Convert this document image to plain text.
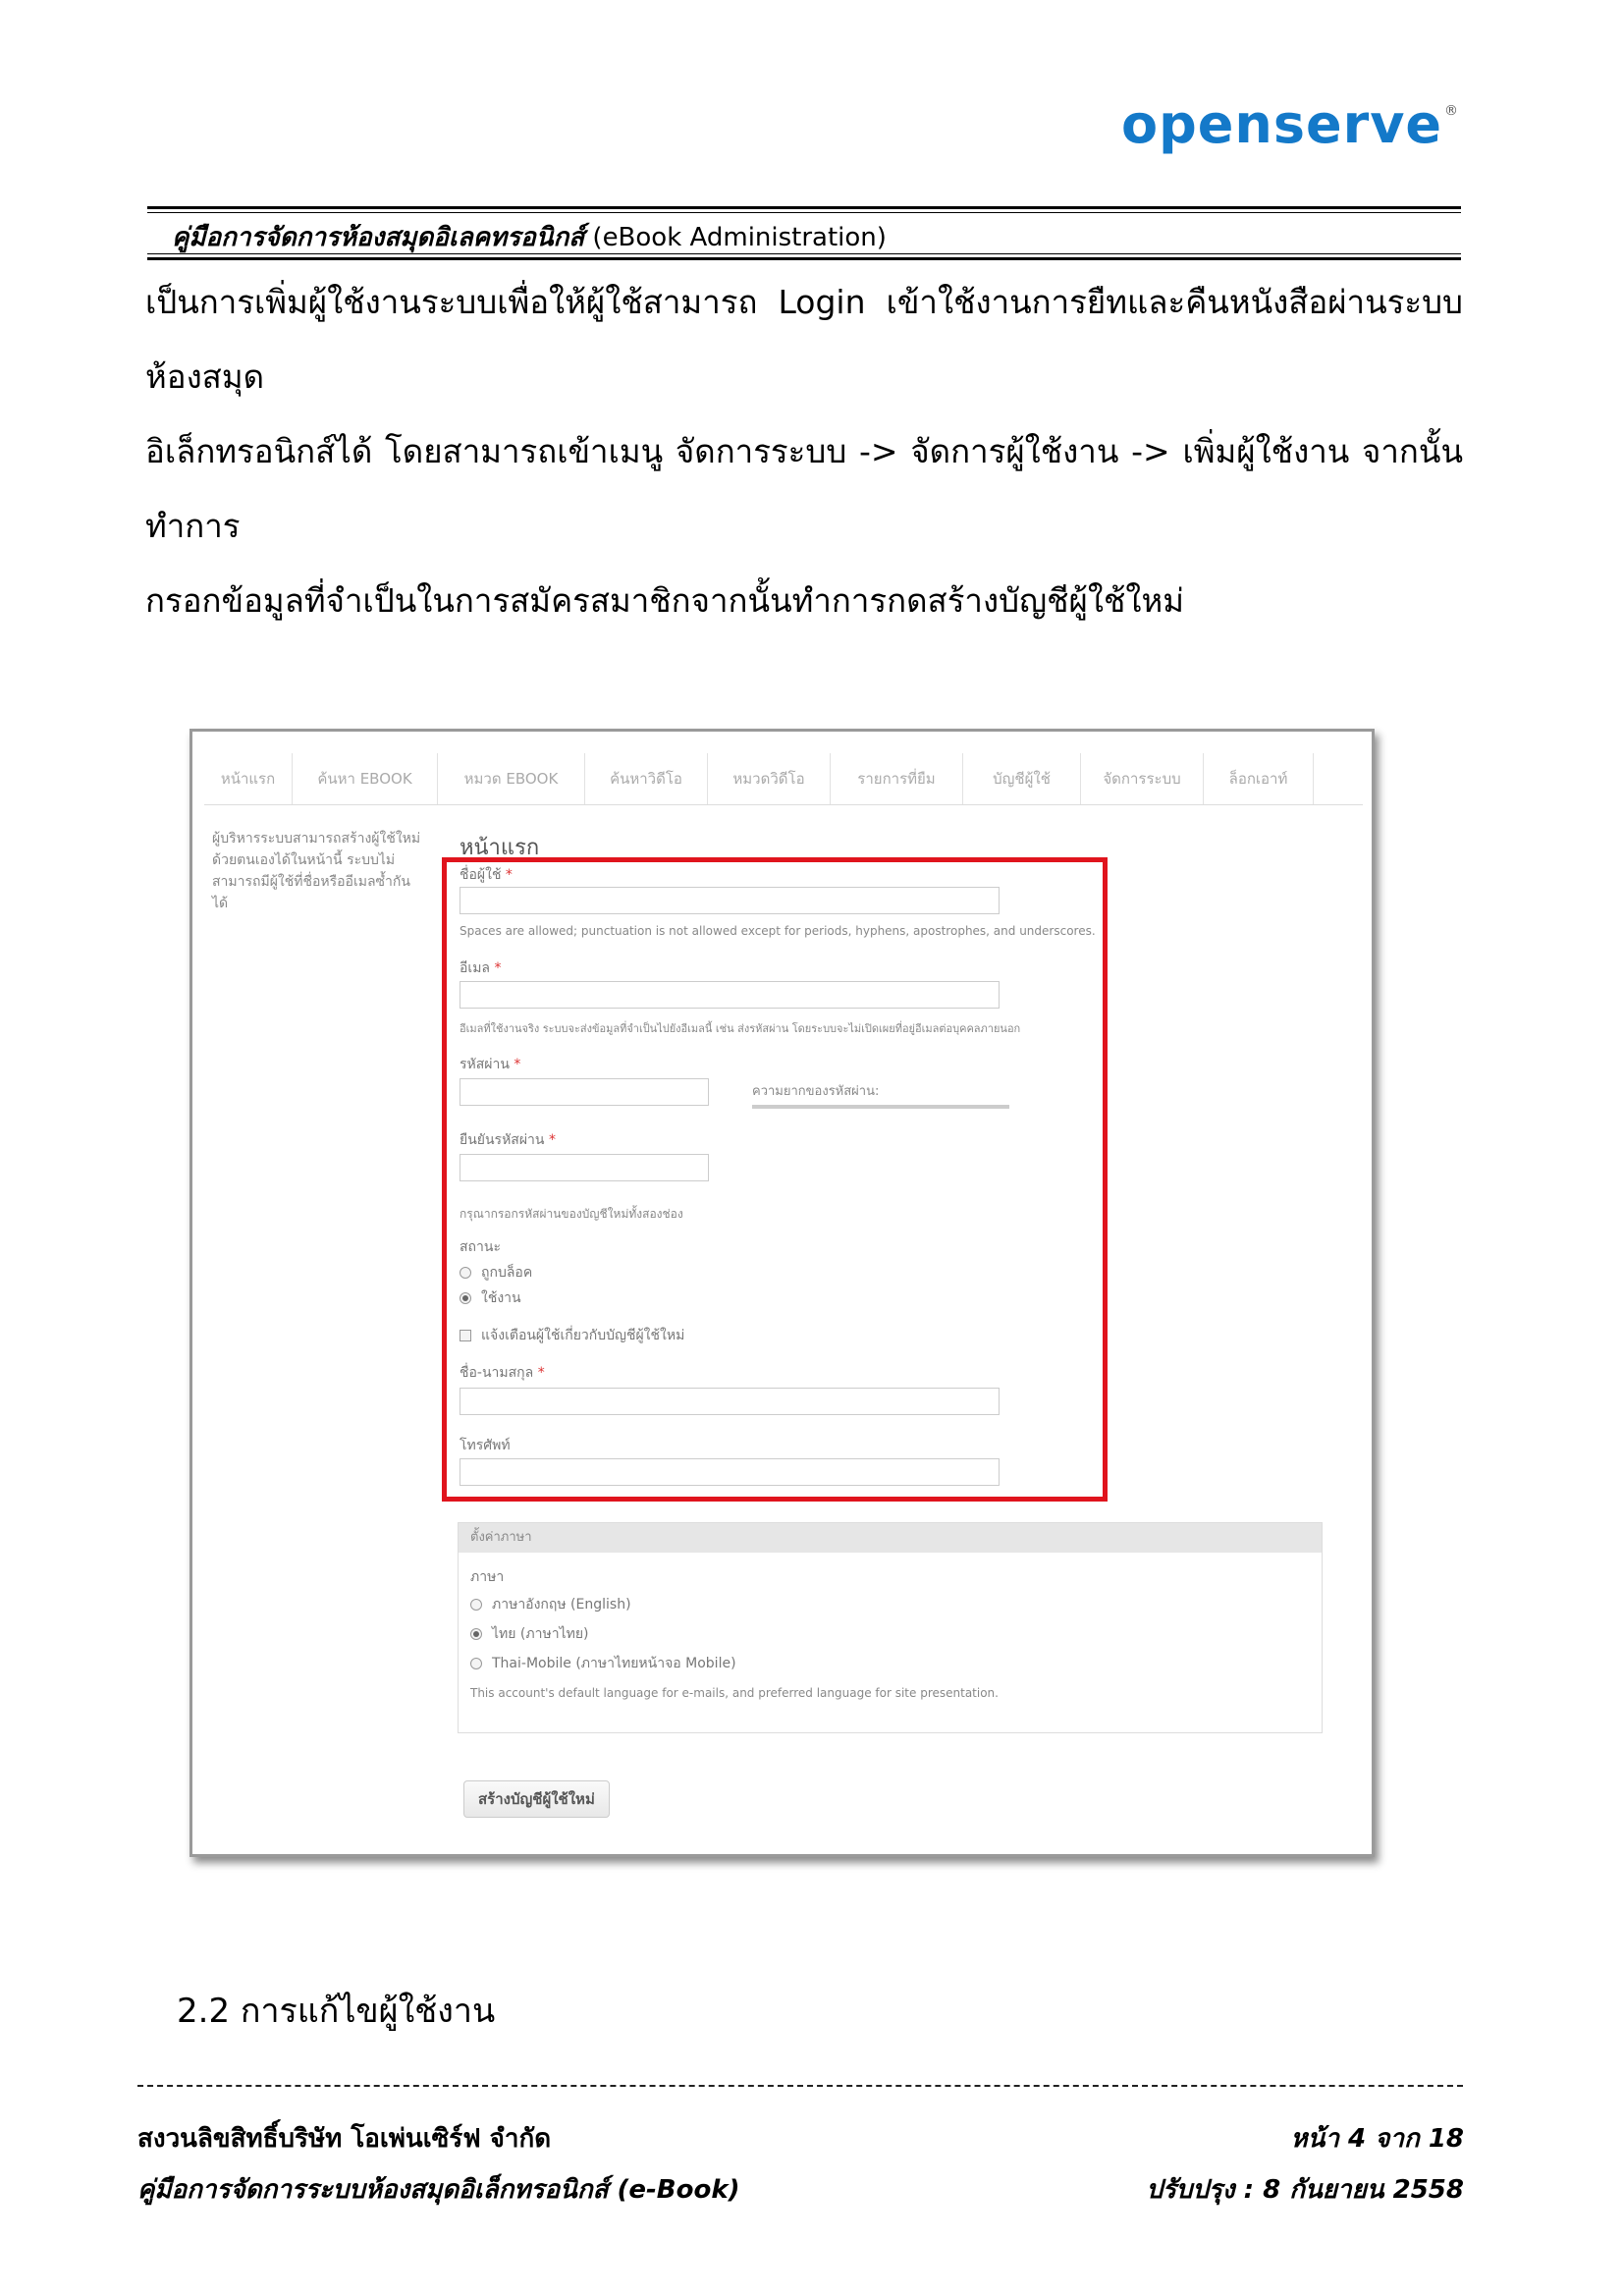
openserve ®
คู่มือการจัดการห้องสมุดอิเลคทรอนิกส์ (eBook Administration)

เป็นการเพิ่มผู้ใช้งานระบบเพื่อให้ผู้ใช้สามารถ Login เข้าใช้งานการยืทและคืนหนังสือผ่านระบบห้องสมุด

อิเล็กทรอนิกส์ได้ โดยสามารถเข้าเมนู จัดการระบบ -> จัดการผู้ใช้งาน -> เพิ่มผู้ใช้งาน จากนั้นทำการ

กรอกข้อมูลที่จำเป็นในการสมัครสมาชิกจากนั้นทำการกดสร้างบัญชีผู้ใช้ใหม่

หน้าแรก	ค้นหา EBOOK	หมวด EBOOK	ค้นหาวิดีโอ	หมวดวิดีโอ	รายการที่ยืม	บัญชีผู้ใช้	จัดการระบบ	ล็อกเอาท์
ผู้บริหารระบบสามารถสร้างผู้ใช้ใหม่
ด้วยตนเองได้ในหน้านี้ ระบบไม่
สามารถมีผู้ใช้ที่ชื่อหรืออีเมลซ้ำกัน
ได้
หน้าแรก
ชื่อผู้ใช้ *
Spaces are allowed; punctuation is not allowed except for periods, hyphens, apostrophes, and underscores.
อีเมล *
อีเมลที่ใช้งานจริง ระบบจะส่งข้อมูลที่จำเป็นไปยังอีเมลนี้ เช่น ส่งรหัสผ่าน โดยระบบจะไม่เปิดเผยที่อยู่อีเมลต่อบุคคลภายนอก
รหัสผ่าน *
ความยากของรหัสผ่าน:
ยืนยันรหัสผ่าน *
กรุณากรอกรหัสผ่านของบัญชีใหม่ทั้งสองช่อง
สถานะ
ถูกบล็อค
ใช้งาน
แจ้งเตือนผู้ใช้เกี่ยวกับบัญชีผู้ใช้ใหม่
ชื่อ-นามสกุล *
โทรศัพท์
ตั้งค่าภาษา
ภาษา
ภาษาอังกฤษ (English)
ไทย (ภาษาไทย)
Thai-Mobile (ภาษาไทยหน้าจอ Mobile)
This account's default language for e-mails, and preferred language for site presentation.
สร้างบัญชีผู้ใช้ใหม่
2.2 การแก้ไขผู้ใช้งาน
สงวนลิขสิทธิ์บริษัท โอเพ่นเซิร์ฟ จำกัด	หน้า 4 จาก 18
คู่มือการจัดการระบบห้องสมุดอิเล็กทรอนิกส์ (e-Book)	ปรับปรุง : 8 กันยายน 2558
